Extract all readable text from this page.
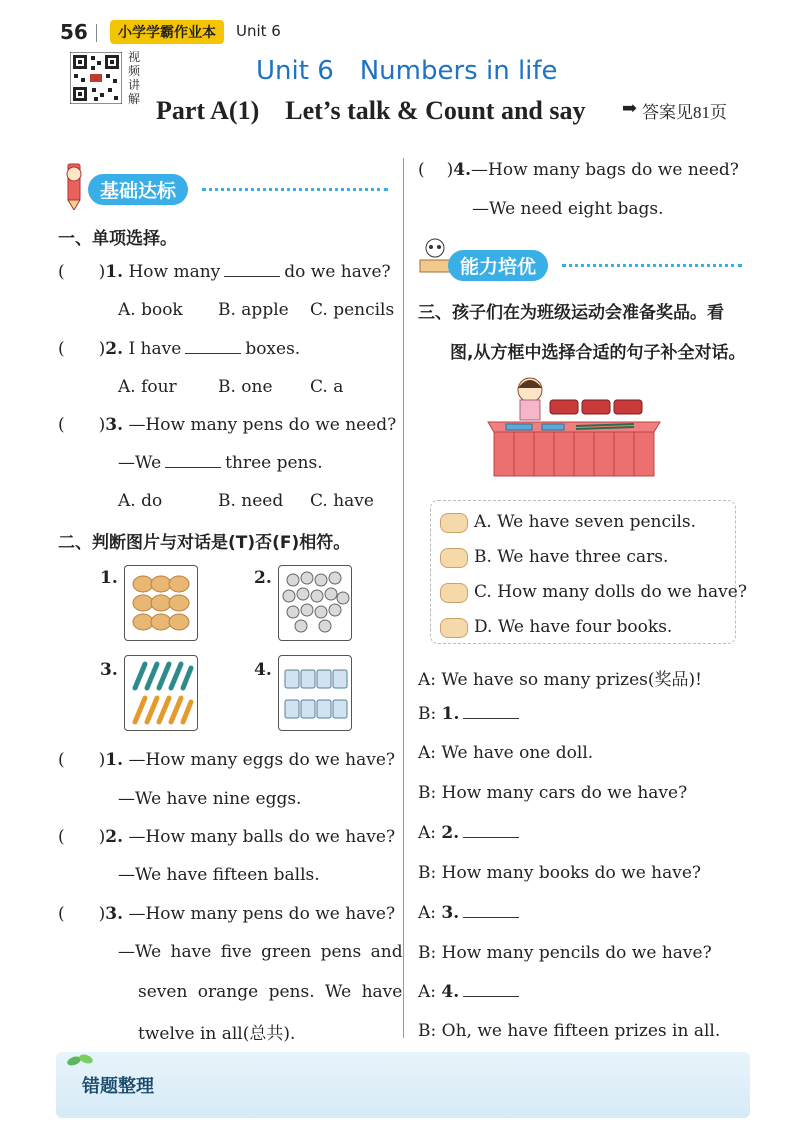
56	小学学霸作业本	Unit 6
视频讲解
Unit 6　Numbers in life
Part A(1)　Let’s talk & Count and say ➡ 答案见81页
基础达标
一、单项选择。
( )1. How many	do we have?
A. book B. apple C. pencils
( )2. I have	boxes.
A. four B. one C. a
( )3. —How many pens do we need?
—We	three pens.
A. do	B. need C. have
二、判断图片与对话是(T)否(F)相符。
1.	2.
3.	4.
( )1. —How many eggs do we have?
—We have nine eggs.
( )2. —How many balls do we have?
—We have fifteen balls.
( )3. —How many pens do we have?
—We have five green pens and
seven orange pens. We have
twelve in all(总共).
( )4.—How many bags do we need?
—We need eight bags.
能力培优
三、孩子们在为班级运动会准备奖品。看
图,从方框中选择合适的句子补全对话。
A. We have seven pencils.
B. We have three cars.
C. How many dolls do we have?
D. We have four books.
A: We have so many prizes(奖品)!
B: 1.
A: We have one doll.
B: How many cars do we have?
A: 2.
B: How many books do we have?
A: 3.
B: How many pencils do we have?
A: 4.
B: Oh, we have fifteen prizes in all.
错题整理
